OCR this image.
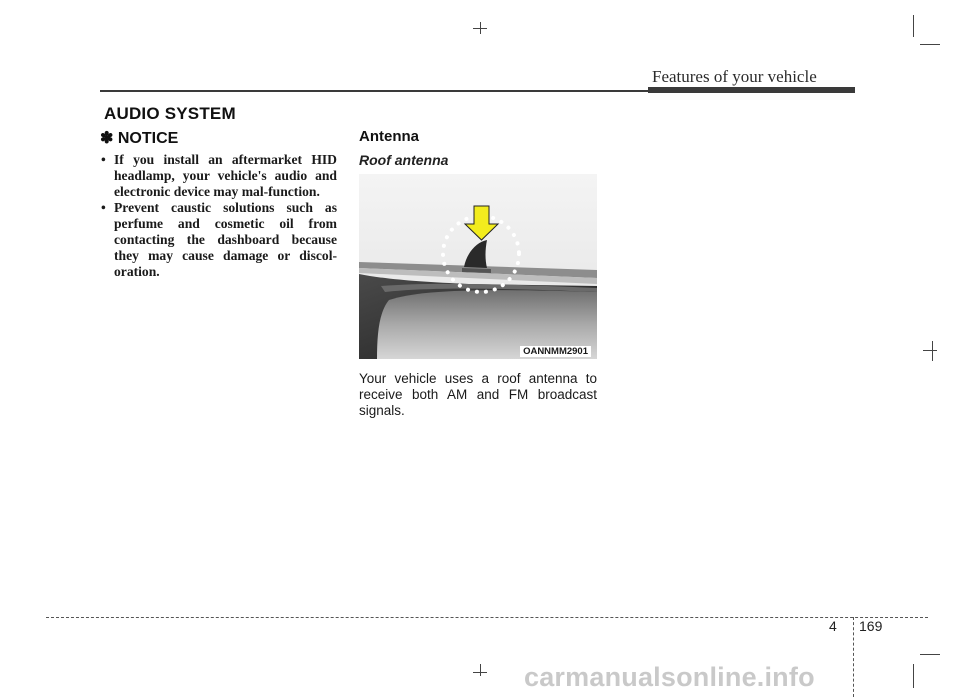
Features of your vehicle
AUDIO SYSTEM
✽ NOTICE
• If you install an aftermarket HID headlamp, your vehicle's audio and electronic device may mal-function.
• Prevent caustic solutions such as perfume and cosmetic oil from contacting the dashboard because they may cause damage or discol-oration.
Antenna
Roof antenna
OANNMM2901
Your vehicle uses a roof antenna to receive both AM and FM broadcast signals.
4 169
carmanualsonline.info
